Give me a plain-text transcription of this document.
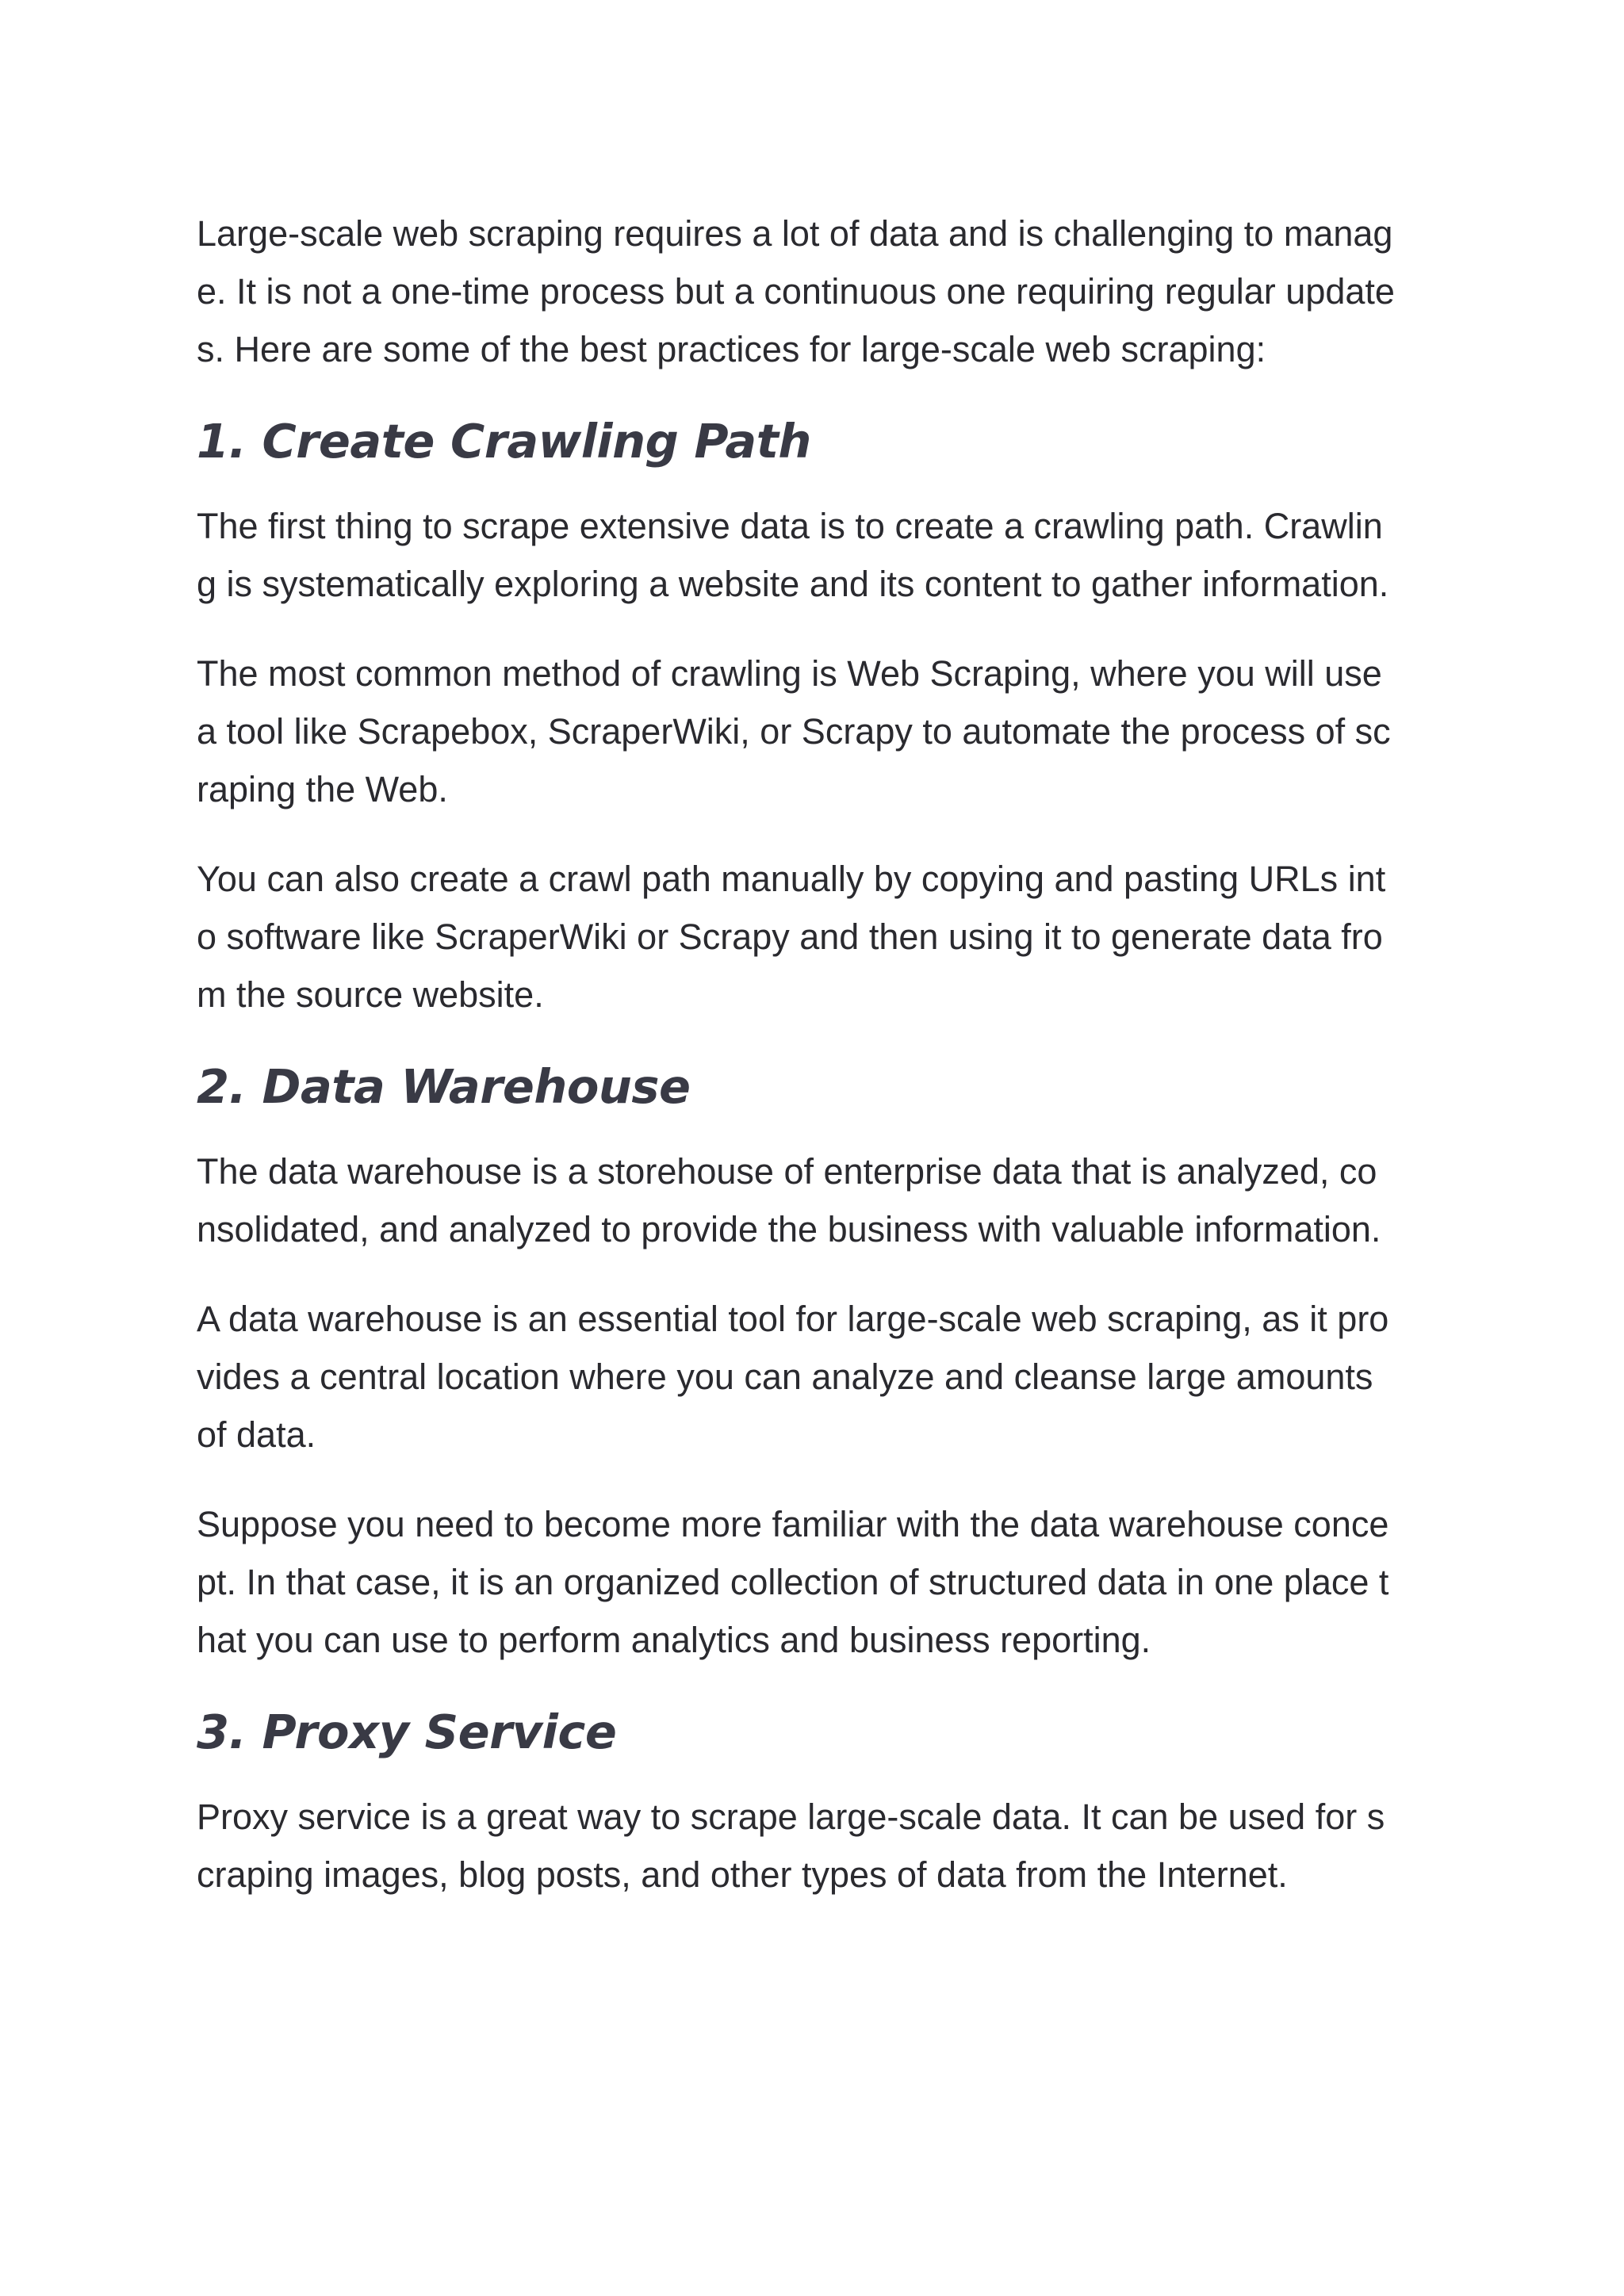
Large-scale web scraping requires a lot of data and is challenging to manag
e. It is not a one-time process but a continuous one requiring regular update
s. Here are some of the best practices for large-scale web scraping:
1. Create Crawling Path
The first thing to scrape extensive data is to create a crawling path. Crawlin
g is systematically exploring a website and its content to gather information.
The most common method of crawling is Web Scraping, where you will use
a tool like Scrapebox, ScraperWiki, or Scrapy to automate the process of sc
raping the Web.
You can also create a crawl path manually by copying and pasting URLs int
o software like ScraperWiki or Scrapy and then using it to generate data fro
m the source website.
2. Data Warehouse
The data warehouse is a storehouse of enterprise data that is analyzed, co
nsolidated, and analyzed to provide the business with valuable information.
A data warehouse is an essential tool for large-scale web scraping, as it pro
vides a central location where you can analyze and cleanse large amounts
of data.
Suppose you need to become more familiar with the data warehouse conce
pt. In that case, it is an organized collection of structured data in one place t
hat you can use to perform analytics and business reporting.
3. Proxy Service
Proxy service is a great way to scrape large-scale data. It can be used for s
craping images, blog posts, and other types of data from the Internet.
